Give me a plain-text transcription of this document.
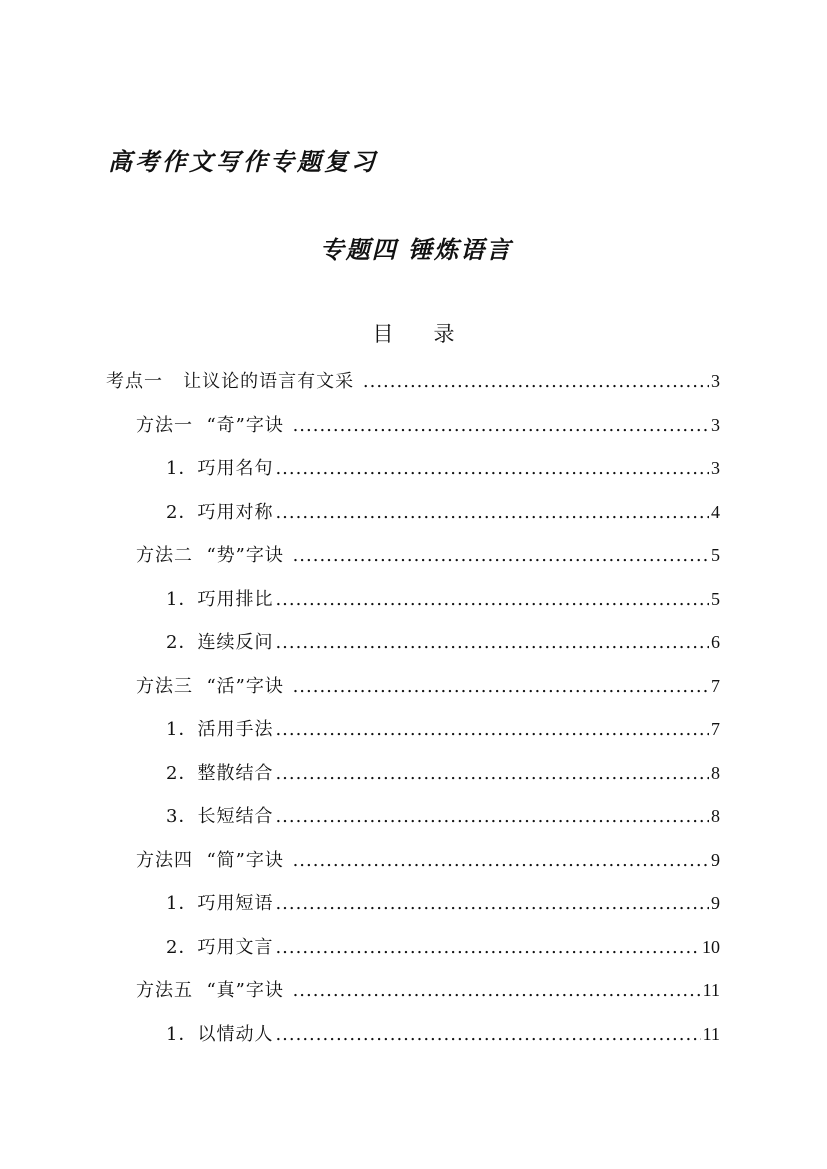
高考作文写作专题复习
专题四 锤炼语言
目录
考点一   让议论的语言有文采 .....	3
方法一  “奇”字诀 .....	3
1．巧用名句 .....	3
2．巧用对称 .....	4
方法二  “势”字诀 .....	5
1．巧用排比 .....	5
2．连续反问 .....	6
方法三  “活”字诀 .....	7
1．活用手法 .....	7
2．整散结合 .....	8
3．长短结合 .....	8
方法四  “简”字诀 .....	9
1．巧用短语 .....	9
2．巧用文言 .....	10
方法五  “真”字诀 .....	11
1．以情动人 .....	11
